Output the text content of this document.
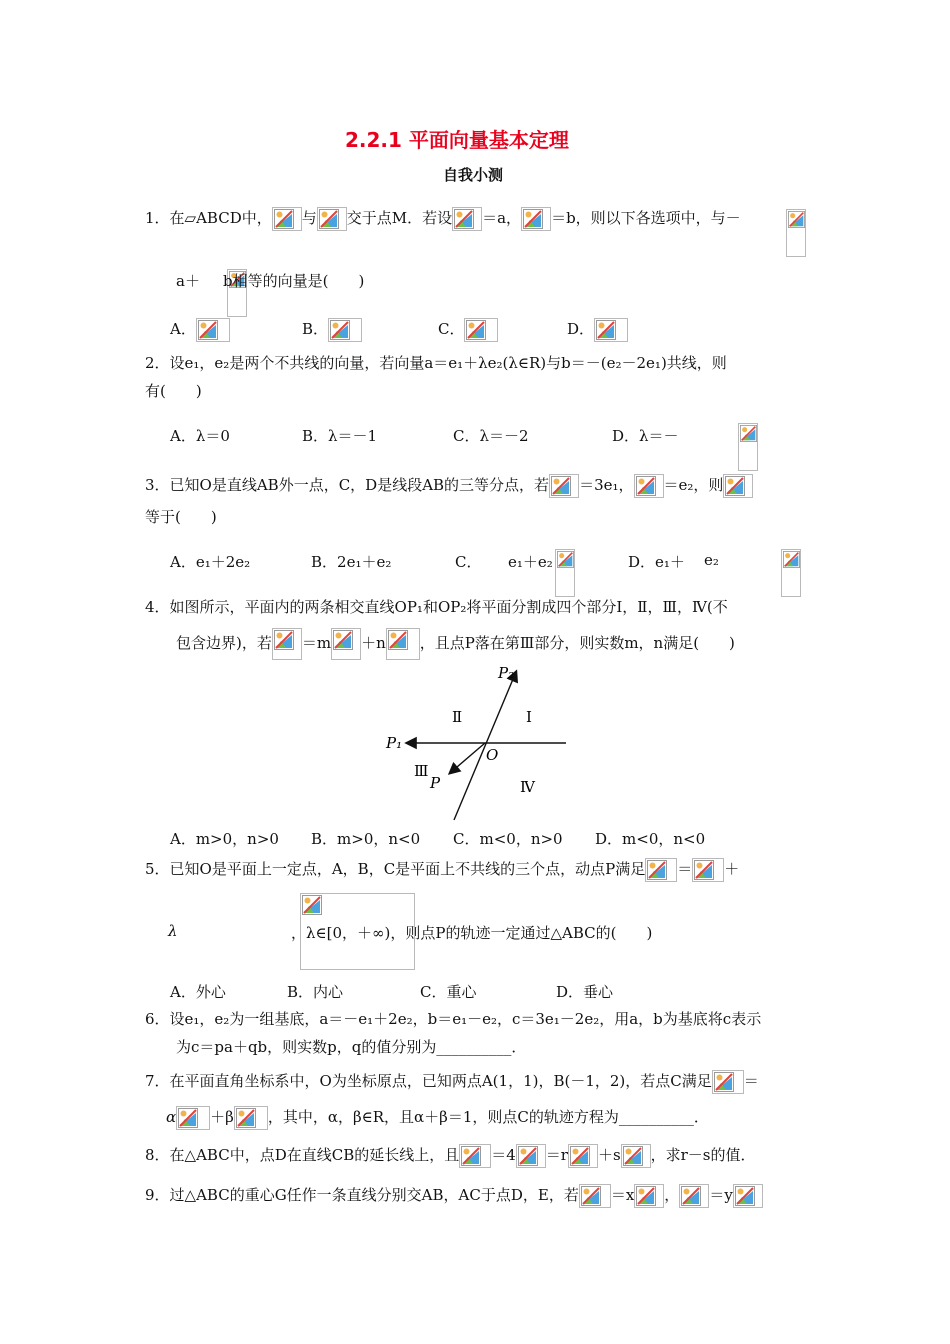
2.2.1 平面向量基本定理
自我小测
1．在▱ABCD中， 与 交于点M．若设 ＝a， ＝b，则以下各选项中，与－

a＋
b相等的向量是(　　)
A．	B．	C．	D．
2．设e₁，e₂是两个不共线的向量，若向量a＝e₁＋λe₂(λ∈R)与b＝－(e₂－2e₁)共线，则
有(　　)
A．λ＝0	B．λ＝－1	C．λ＝－2	D．λ＝－

3．已知O是直线AB外一点，C，D是线段AB的三等分点，若 ＝3e₁， ＝e₂，则
等于(　　)
A．e₁＋2e₂	B．2e₁＋e₂	C．
e₁＋e₂	D．e₁＋
e₂
4．如图所示，平面内的两条相交直线OP₁和OP₂将平面分割成四个部分Ⅰ，Ⅱ，Ⅲ，Ⅳ(不
包含边界)，若 ＝m ＋n ，且点P落在第Ⅲ部分，则实数m，n满足(　　)
P₂
P₁
O
P
Ⅰ
Ⅱ
Ⅲ
Ⅳ
A．m>0，n>0 B．m>0，n<0 C．m<0，n>0 D．m<0，n<0
5．已知O是平面上一定点，A，B，C是平面上不共线的三个点，动点P满足 ＝ ＋
λ	，λ∈[0，＋∞)，则点P的轨迹一定通过△ABC的(　　)
A．外心	B．内心	C．重心	D．垂心
6．设e₁，e₂为一组基底，a＝－e₁＋2e₂，b＝e₁－e₂，c＝3e₁－2e₂，用a，b为基底将c表示
为c＝pa＋qb，则实数p，q的值分别为__________．
7．在平面直角坐标系中，O为坐标原点，已知两点A(1，1)，B(－1，2)，若点C满足 ＝
α ＋β ，其中，α，β∈R，且α＋β＝1，则点C的轨迹方程为__________．
8．在△ABC中，点D在直线CB的延长线上，且 ＝4 ＝r ＋s ，求r－s的值．
9．过△ABC的重心G任作一条直线分别交AB，AC于点D，E，若 ＝x ， ＝y
